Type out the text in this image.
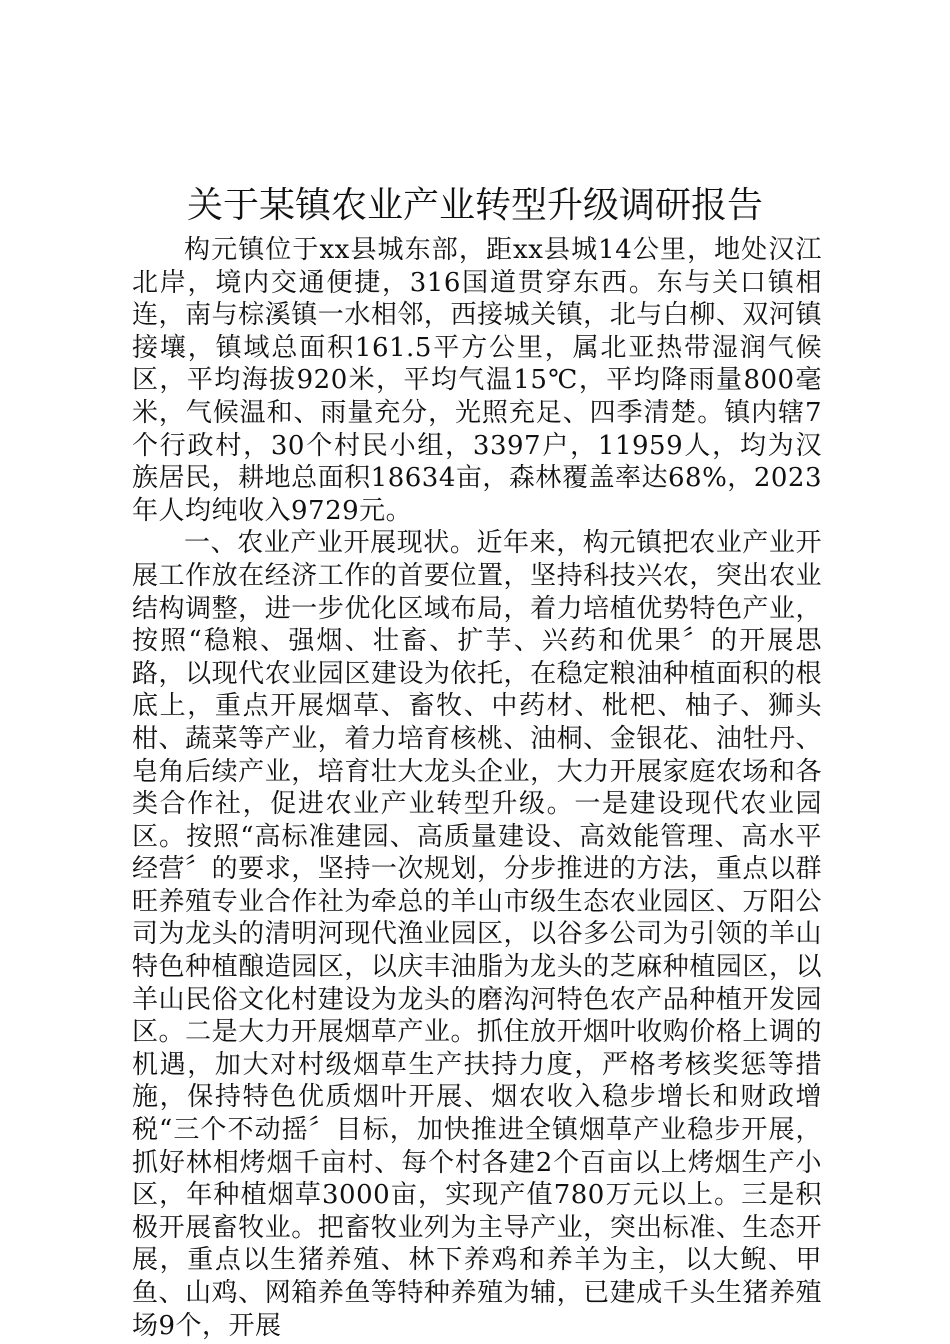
关于某镇农业产业转型升级调研报告

构元镇位于xx县城东部，距xx县城14公里，地处汉江北岸，境内交通便捷，316国道贯穿东西。东与关口镇相连，南与棕溪镇一水相邻，西接城关镇，北与白柳、双河镇接壤，镇域总面积161.5平方公里，属北亚热带湿润气候区，平均海拔920米，平均气温15℃，平均降雨量800毫米，气候温和、雨量充分，光照充足、四季清楚。镇内辖7个行政村，30个村民小组，3397户，11959人，均为汉族居民，耕地总面积18634亩，森林覆盖率达68%，2023年人均纯收入9729元。

一、农业产业开展现状。近年来，构元镇把农业产业开展工作放在经济工作的首要位置，坚持科技兴农，突出农业结构调整，进一步优化区域布局，着力培植优势特色产业，按照“稳粮、强烟、壮畜、扩芋、兴药和优果〞的开展思路，以现代农业园区建设为依托，在稳定粮油种植面积的根底上，重点开展烟草、畜牧、中药材、枇杷、柚子、狮头柑、蔬菜等产业，着力培育核桃、油桐、金银花、油牡丹、皂角后续产业，培育壮大龙头企业，大力开展家庭农场和各类合作社，促进农业产业转型升级。一是建设现代农业园区。按照“高标准建园、高质量建设、高效能管理、高水平经营〞的要求，坚持一次规划，分步推进的方法，重点以群旺养殖专业合作社为牵总的羊山市级生态农业园区、万阳公司为龙头的清明河现代渔业园区，以谷多公司为引领的羊山特色种植酿造园区，以庆丰油脂为龙头的芝麻种植园区，以羊山民俗文化村建设为龙头的磨沟河特色农产品种植开发园区。二是大力开展烟草产业。抓住放开烟叶收购价格上调的机遇，加大对村级烟草生产扶持力度，严格考核奖惩等措施，保持特色优质烟叶开展、烟农收入稳步增长和财政增税“三个不动摇〞目标，加快推进全镇烟草产业稳步开展，抓好林相烤烟千亩村、每个村各建2个百亩以上烤烟生产小区，年种植烟草3000亩，实现产值780万元以上。三是积极开展畜牧业。把畜牧业列为主导产业，突出标准、生态开展，重点以生猪养殖、林下养鸡和养羊为主，以大鲵、甲鱼、山鸡、网箱养鱼等特种养殖为辅，已建成千头生猪养殖场9个，开展
